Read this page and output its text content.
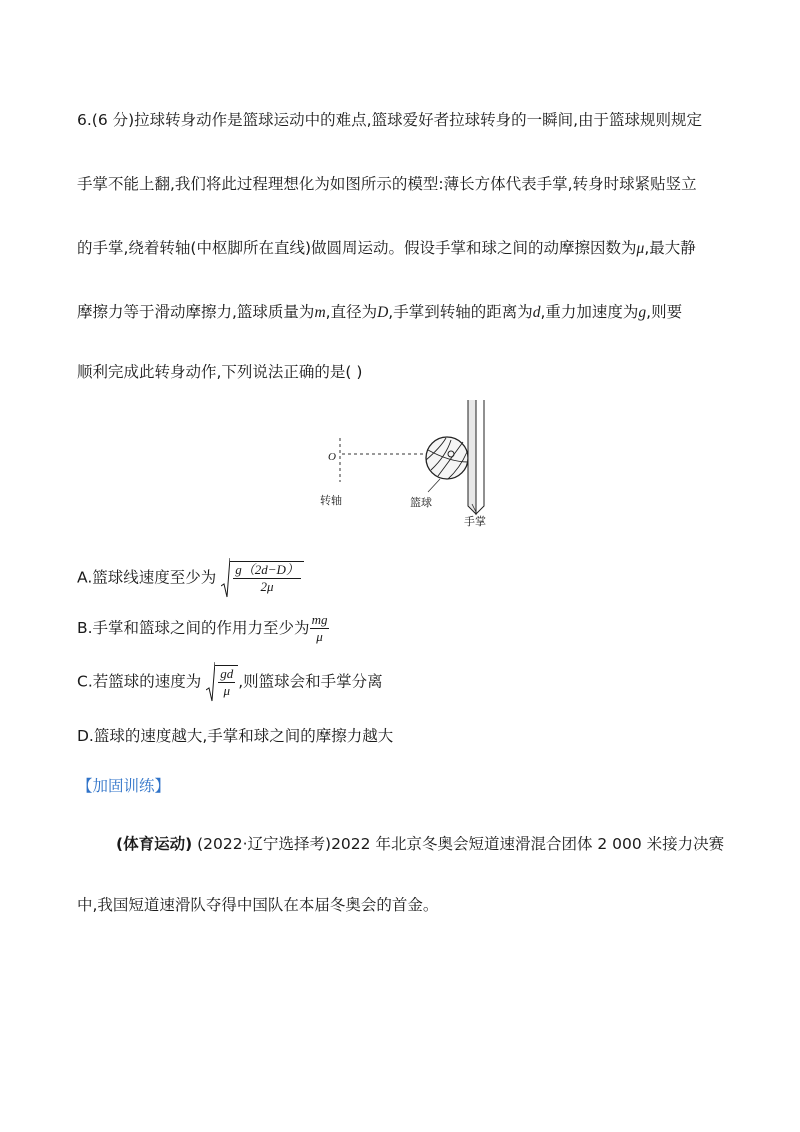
6.(6 分)拉球转身动作是篮球运动中的难点,篮球爱好者拉球转身的一瞬间,由于篮球规则规定
手掌不能上翻,我们将此过程理想化为如图所示的模型:薄长方体代表手掌,转身时球紧贴竖立
的手掌,绕着转轴(中枢脚所在直线)做圆周运动。假设手掌和球之间的动摩擦因数为μ,最大静
摩擦力等于滑动摩擦力,篮球质量为m,直径为D,手掌到转轴的距离为d,重力加速度为g,则要
顺利完成此转身动作,下列说法正确的是( )
O
转轴	篮球
手掌
A.篮球线速度至少为 $\frac{g(2d-D)}{2\mu}$
B.手掌和篮球之间的作用力至少为 $\frac{mg}{\mu}$
C.若篮球的速度为 $\frac{gd}{\mu}$ ,则篮球会和手掌分离
D.篮球的速度越大,手掌和球之间的摩擦力越大
【加固训练】
(体育运动) (2022·辽宁选择考)2022 年北京冬奥会短道速滑混合团体 2 000 米接力决赛
中,我国短道速滑队夺得中国队在本届冬奥会的首金。
